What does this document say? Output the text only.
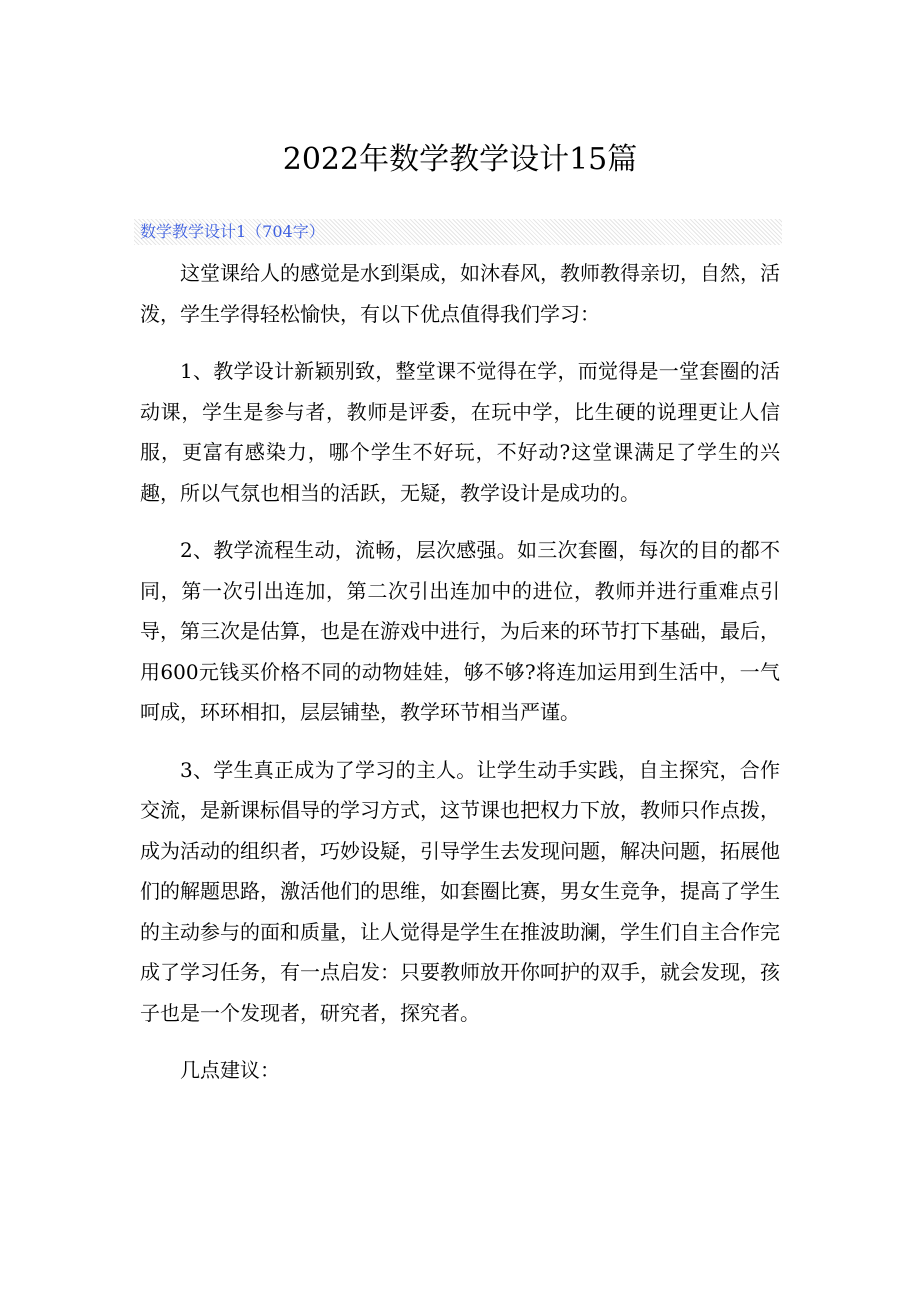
2022年数学教学设计15篇
数学教学设计1（704字）

这堂课给人的感觉是水到渠成，如沐春风，教师教得亲切，自然，活泼，学生学得轻松愉快，有以下优点值得我们学习：

1、教学设计新颖别致，整堂课不觉得在学，而觉得是一堂套圈的活动课，学生是参与者，教师是评委，在玩中学，比生硬的说理更让人信服，更富有感染力，哪个学生不好玩，不好动?这堂课满足了学生的兴趣，所以气氛也相当的活跃，无疑，教学设计是成功的。

2、教学流程生动，流畅，层次感强。如三次套圈，每次的目的都不同，第一次引出连加，第二次引出连加中的进位，教师并进行重难点引导，第三次是估算，也是在游戏中进行，为后来的环节打下基础，最后，用600元钱买价格不同的动物娃娃，够不够?将连加运用到生活中，一气呵成，环环相扣，层层铺垫，教学环节相当严谨。

3、学生真正成为了学习的主人。让学生动手实践，自主探究，合作交流，是新课标倡导的学习方式，这节课也把权力下放，教师只作点拨，成为活动的组织者，巧妙设疑，引导学生去发现问题，解决问题，拓展他们的解题思路，激活他们的思维，如套圈比赛，男女生竞争，提高了学生的主动参与的面和质量，让人觉得是学生在推波助澜，学生们自主合作完成了学习任务，有一点启发：只要教师放开你呵护的双手，就会发现，孩子也是一个发现者，研究者，探究者。

几点建议：
